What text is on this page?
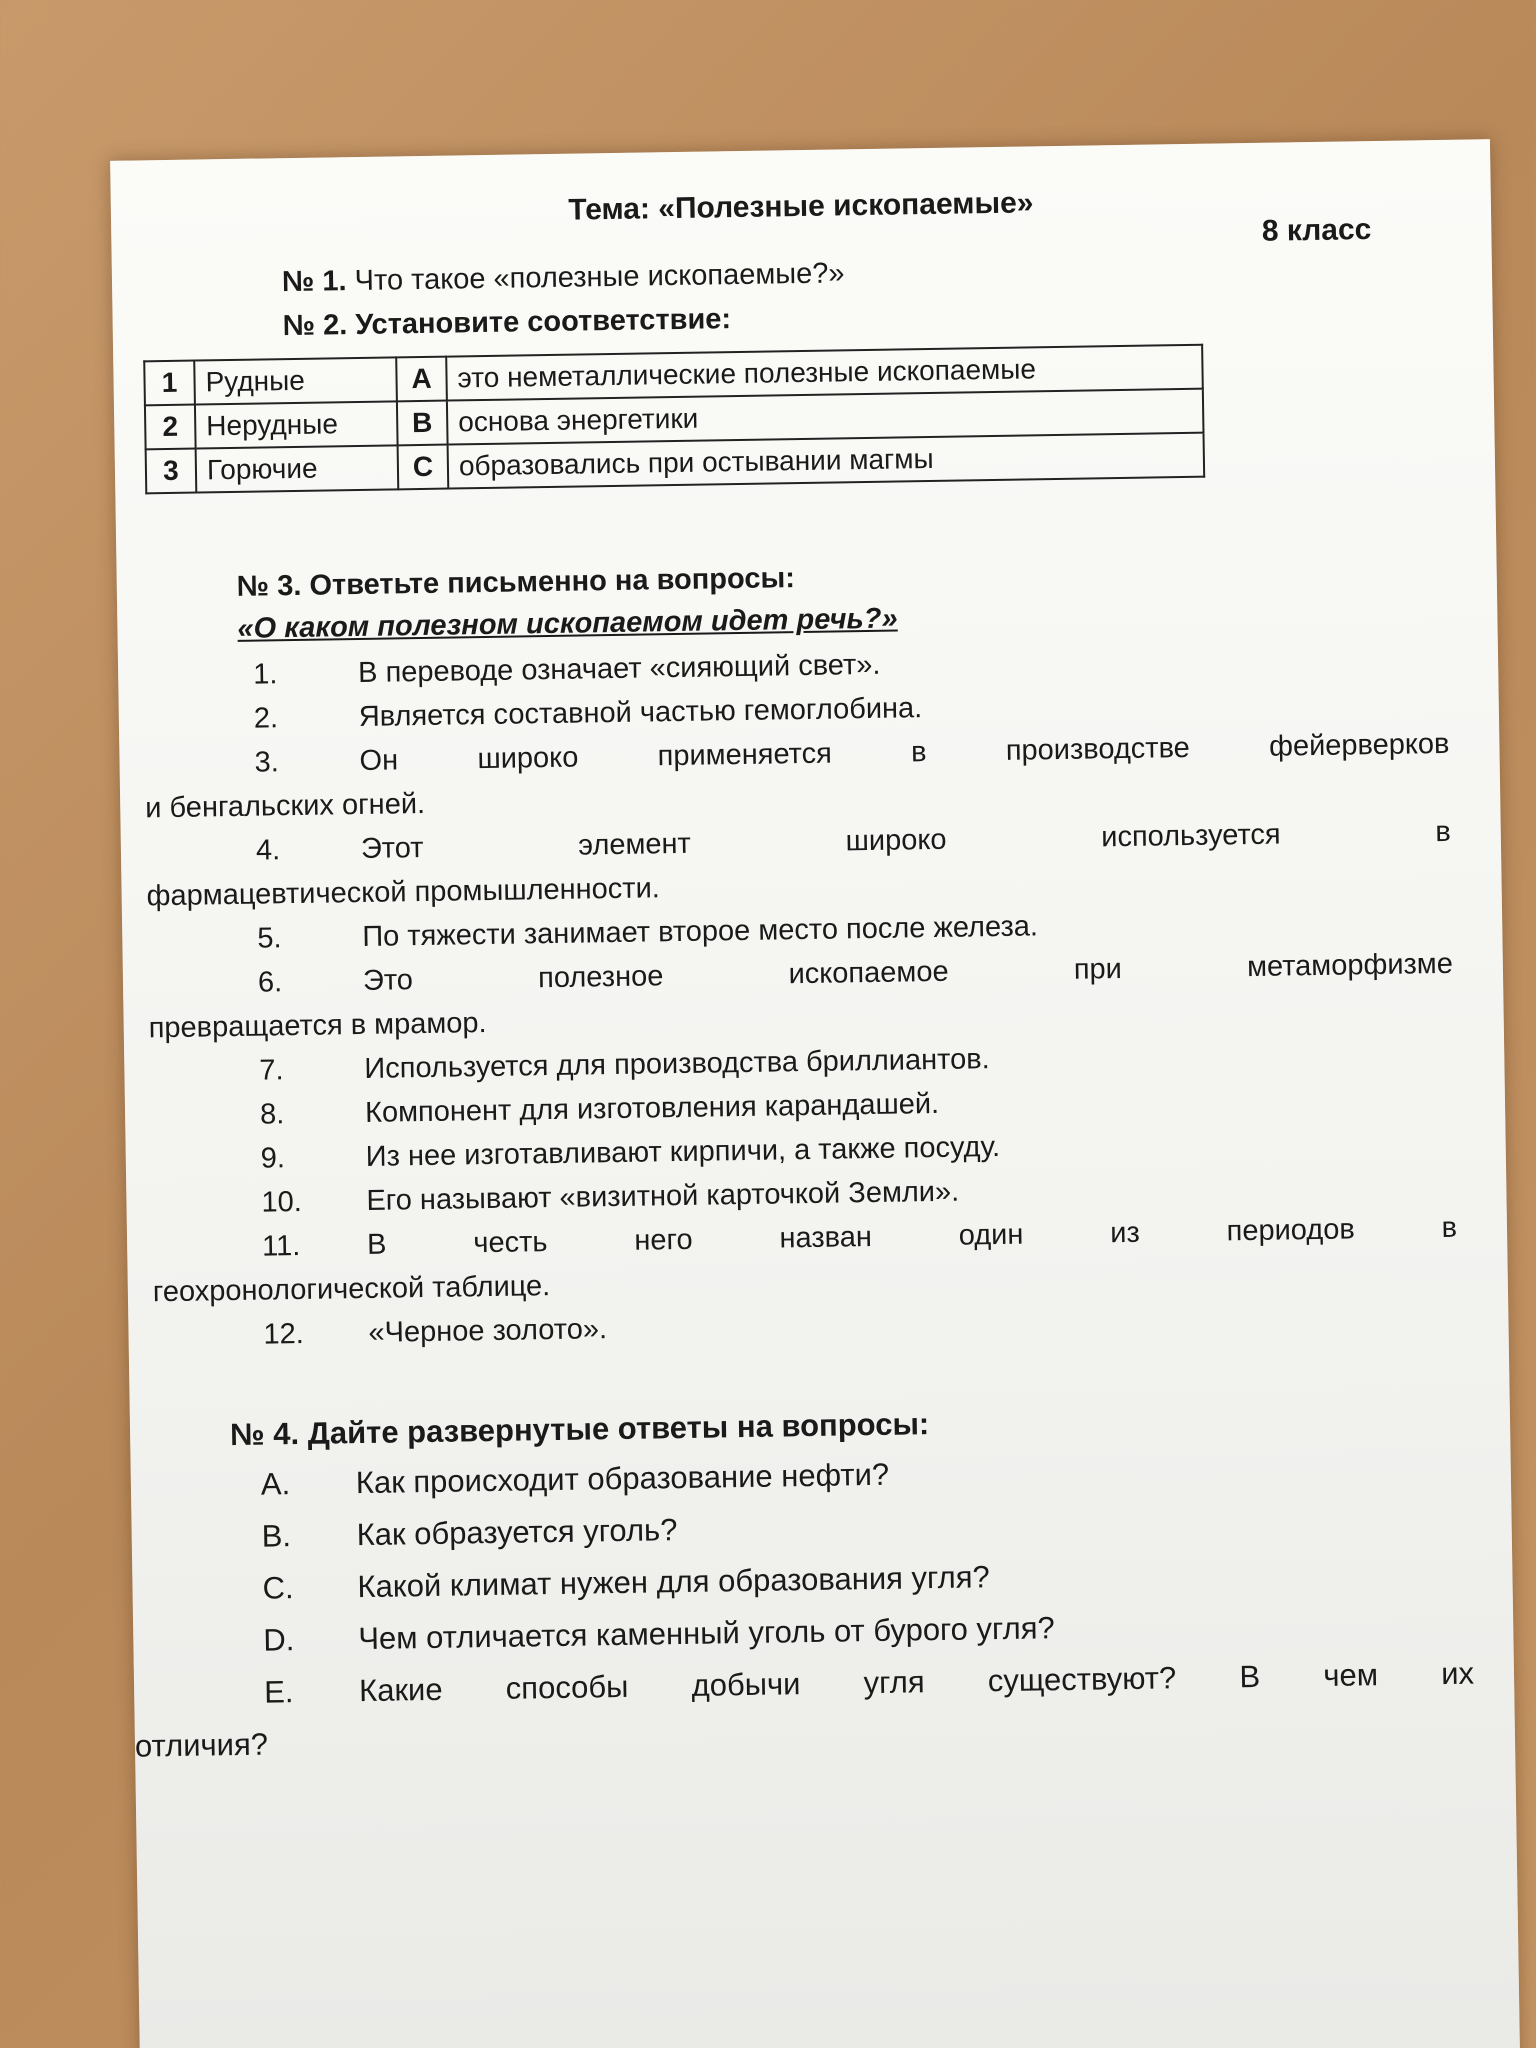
Тема: «Полезные ископаемые»
8 класс
№ 1. Что такое «полезные ископаемые?»
№ 2. Установите соответствие:
1	Рудные	A	это неметаллические полезные ископаемые
2	Нерудные	B	основа энергетики
3	Горючие	C	образовались при остывании магмы
№ 3. Ответьте письменно на вопросы:
«О каком полезном ископаемом идет речь?»
1.	В переводе означает «сияющий свет».
2.	Является составной частью гемоглобина.
3.	Он широко применяется в производстве фейерверков
и бенгальских огней.
4.	Этот элемент широко используется в
фармацевтической промышленности.
5.	По тяжести занимает второе место после железа.
6.	Это полезное ископаемое при метаморфизме
превращается в мрамор.
7.	Используется для производства бриллиантов.
8.	Компонент для изготовления карандашей.
9.	Из нее изготавливают кирпичи, а также посуду.
10.	Его называют «визитной карточкой Земли».
11.	В честь него назван один из периодов в
геохронологической таблице.
12.	«Черное золото».
№ 4. Дайте развернутые ответы на вопросы:
A.	Как происходит образование нефти?
B.	Как образуется уголь?
C.	Какой климат нужен для образования угля?
D.	Чем отличается каменный уголь от бурого угля?
E.	Какие способы добычи угля существуют? В чем их
отличия?
